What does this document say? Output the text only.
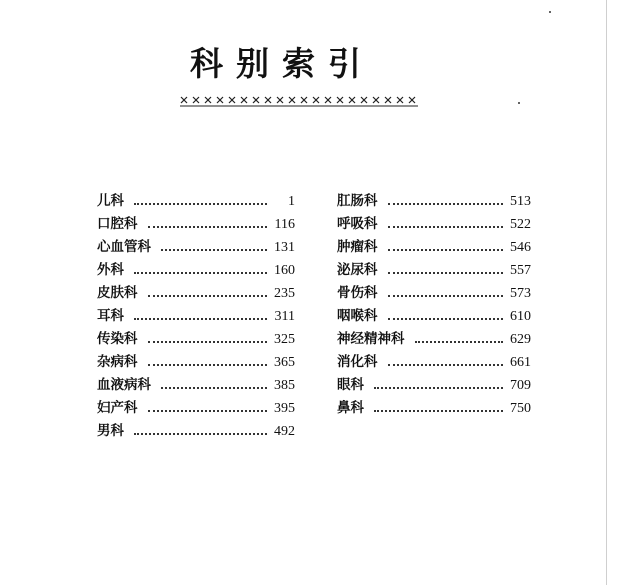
科别索引
儿科	1
口腔科	116
心血管科	131
外科	160
皮肤科	235
耳科	311
传染科	325
杂病科	365
血液病科	385
妇产科	395
男科	492
肛肠科	513
呼吸科	522
肿瘤科	546
泌尿科	557
骨伤科	573
咽喉科	610
神经精神科	629
消化科	661
眼科	709
鼻科	750
